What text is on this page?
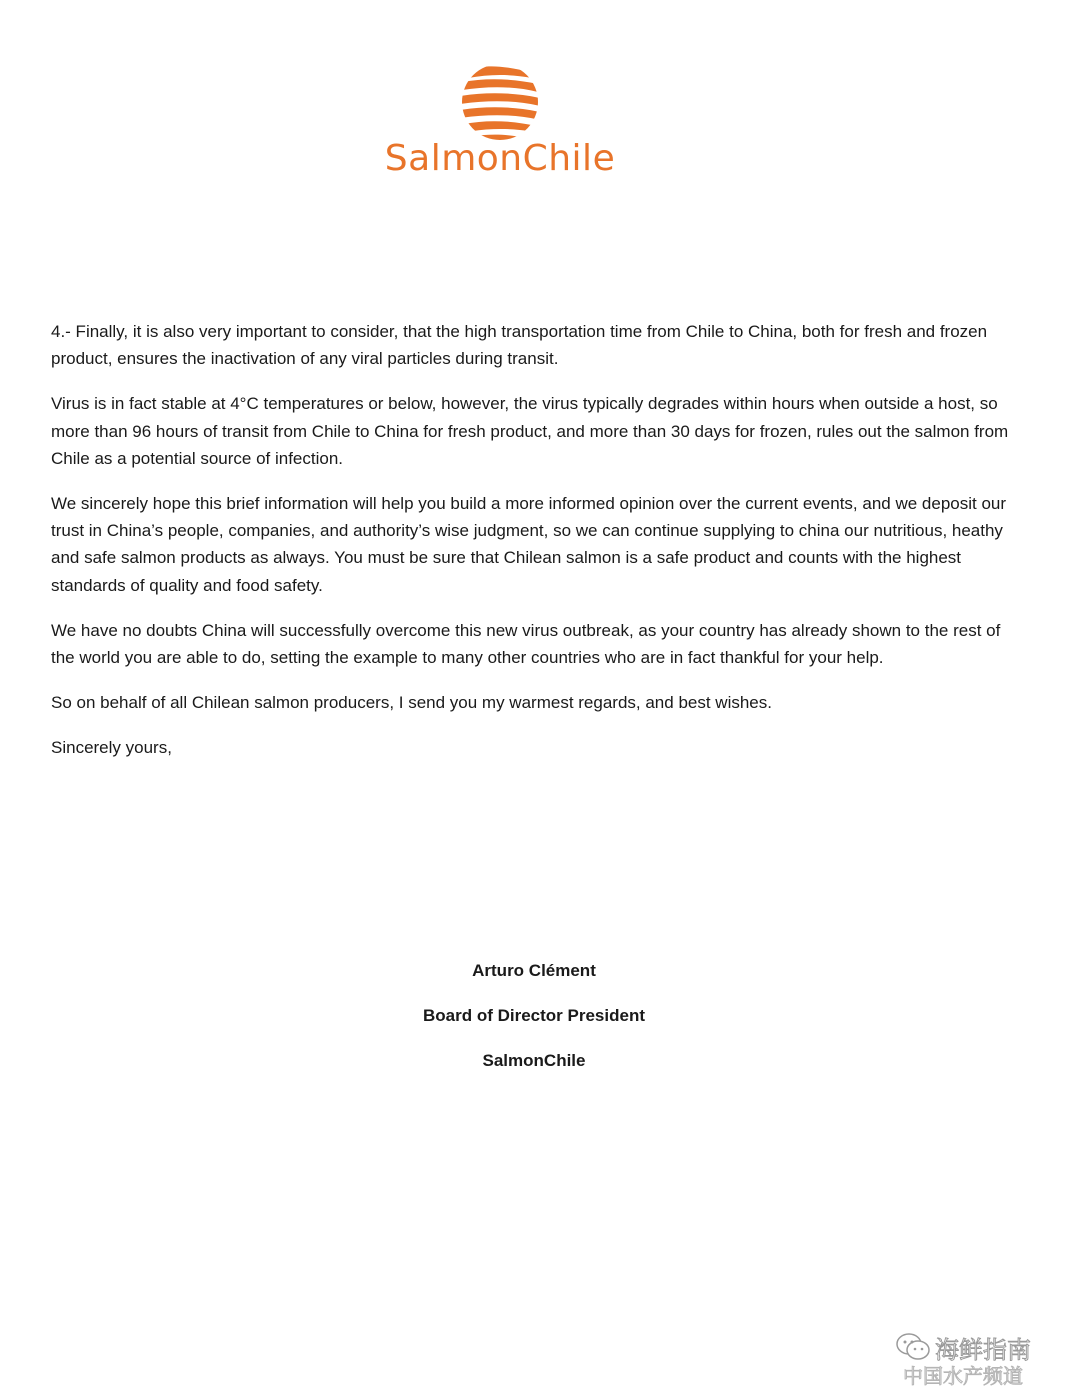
SalmonChile

4.- Finally, it is also very important to consider, that the high transportation time from Chile to China, both for fresh and frozen product, ensures the inactivation of any viral particles during transit.

Virus is in fact stable at 4°C temperatures or below, however, the virus typically degrades within hours when outside a host, so more than 96 hours of transit from Chile to China for fresh product, and more than 30 days for frozen, rules out the salmon from Chile as a potential source of infection.

We sincerely hope this brief information will help you build a more informed opinion over the current events, and we deposit our trust in China’s people, companies, and authority’s wise judgment, so we can continue supplying to china our nutritious, heathy and safe salmon products as always. You must be sure that Chilean salmon is a safe product and counts with the highest standards of quality and food safety.

We have no doubts China will successfully overcome this new virus outbreak, as your country has already shown to the rest of the world you are able to do, setting the example to many other countries who are in fact thankful for your help.

So on behalf of all Chilean salmon producers, I send you my warmest regards, and best wishes.

Sincerely yours,

Arturo Clément
Board of Director President
SalmonChile
海鲜指南
中国水产频道
